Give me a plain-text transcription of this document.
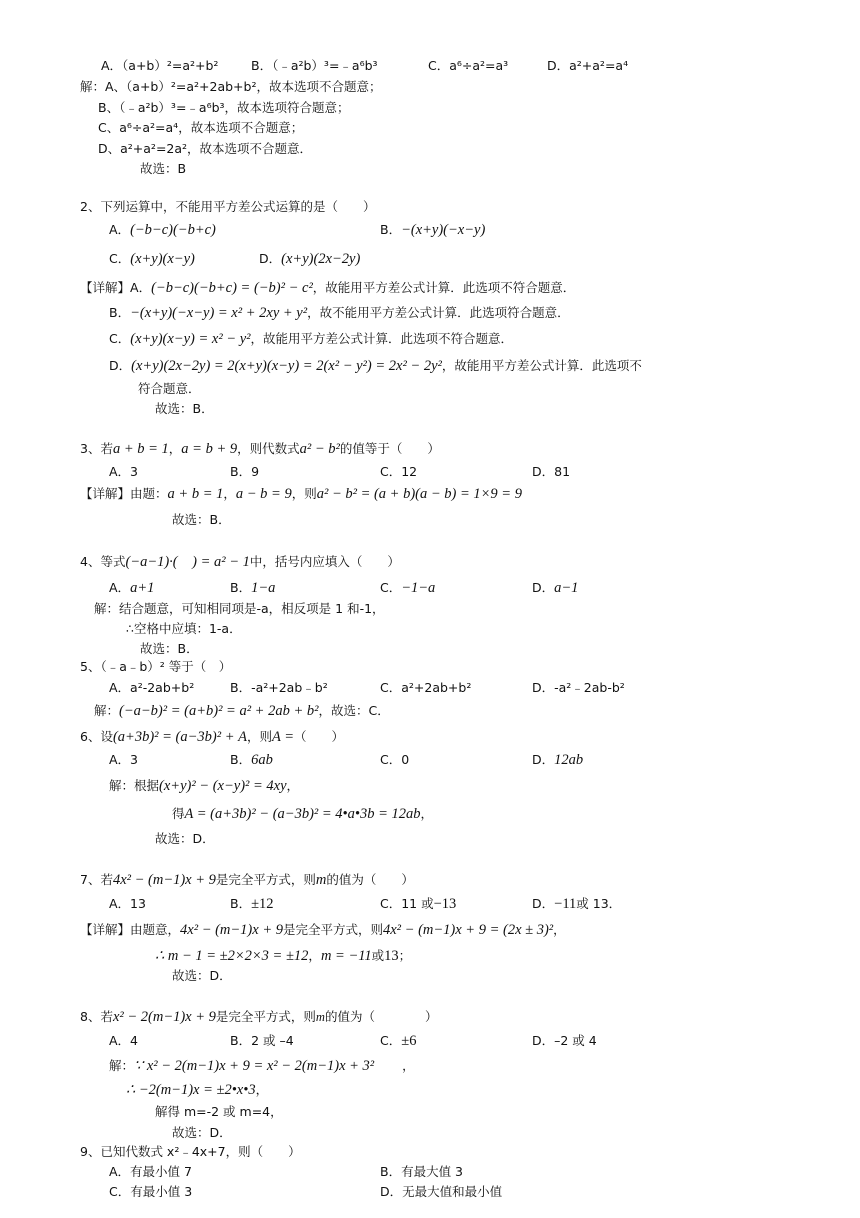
A．（a+b）²=a²+b²	B．（﹣a²b）³=﹣a⁶b³	C．a⁶÷a²=a³	D．a²+a²=a⁴
解：A、（a+b）²=a²+2ab+b²，故本选项不合题意；
B、（﹣a²b）³=﹣a⁶b³，故本选项符合题意；
C、a⁶÷a²=a⁴，故本选项不合题意；
D、a²+a²=2a²，故本选项不合题意．
故选：B
2、下列运算中，不能用平方差公式运算的是（　　）
A．(−b−c)(−b+c)	B．−(x+y)(−x−y)
C．(x+y)(x−y)	D．(x+y)(2x−2y)
【详解】A．(−b−c)(−b+c) = (−b)² − c²，故能用平方差公式计算．此选项不符合题意．
B．−(x+y)(−x−y) = x² + 2xy + y²，故不能用平方差公式计算．此选项符合题意．
C．(x+y)(x−y) = x² − y²，故能用平方差公式计算．此选项不符合题意．
D．(x+y)(2x−2y) = 2(x+y)(x−y) = 2(x² − y²) = 2x² − 2y²，故能用平方差公式计算．此选项不
符合题意．
故选：B．
3、若a + b = 1，a = b + 9，则代数式a² − b²的值等于（　　）
A．3	B．9	C．12	D．81
【详解】由题：a + b = 1，a − b = 9，则a² − b² = (a + b)(a − b) = 1×9 = 9
故选：B．
4、等式(−a−1)·(　) = a² − 1中，括号内应填入（　　）
A．a+1	B．1−a	C．−1−a	D．a−1
解：结合题意，可知相同项是-a，相反项是 1 和-1，
∴空格中应填：1-a．
故选：B．
5、（﹣a﹣b）² 等于（　）
A．a²-2ab+b²	B．-a²+2ab﹣b²	C．a²+2ab+b²	D．-a²﹣2ab-b²
解：(−a−b)² = (a+b)² = a² + 2ab + b²，故选：C．
6、设(a+3b)² = (a−3b)² + A，则A =（　　）
A．3	B．6ab	C．0	D．12ab
解：根据(x+y)² − (x−y)² = 4xy，
得A = (a+3b)² − (a−3b)² = 4•a•3b = 12ab，
故选：D．
7、若4x² − (m−1)x + 9是完全平方式，则m的值为（　　）
A．13	B．±12	C．11 或−13	D．−11或 13．
【详解】由题意，4x² − (m−1)x + 9是完全平方式，则4x² − (m−1)x + 9 = (2x ± 3)²，
∴ m − 1 = ±2×2×3 = ±12，m = −11或13；
故选：D．
8、若x² − 2(m−1)x + 9是完全平方式，则m的值为（　　　　）
A．4	B．2 或 –4	C．±6	D．–2 或 4
解：∵ x² − 2(m−1)x + 9 = x² − 2(m−1)x + 3² ，
∴ −2(m−1)x = ±2•x•3，
解得 m=-2 或 m=4，
故选：D．
9、已知代数式 x²﹣4x+7，则（　　）
A．有最小值 7	B．有最大值 3
C．有最小值 3	D．无最大值和最小值
